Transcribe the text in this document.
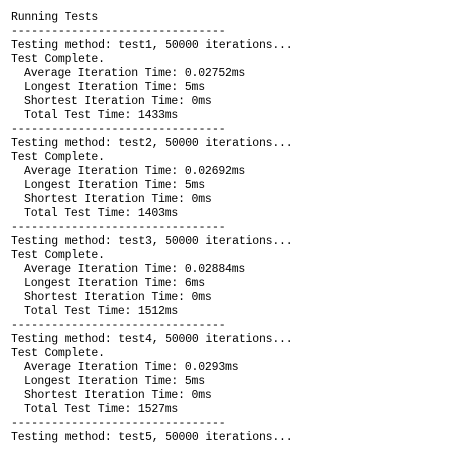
Running Tests
--------------------------------
Testing method: test1, 50000 iterations...
Test Complete.
Average Iteration Time: 0.02752ms
Longest Iteration Time: 5ms
Shortest Iteration Time: 0ms
Total Test Time: 1433ms
--------------------------------
Testing method: test2, 50000 iterations...
Test Complete.
Average Iteration Time: 0.02692ms
Longest Iteration Time: 5ms
Shortest Iteration Time: 0ms
Total Test Time: 1403ms
--------------------------------
Testing method: test3, 50000 iterations...
Test Complete.
Average Iteration Time: 0.02884ms
Longest Iteration Time: 6ms
Shortest Iteration Time: 0ms
Total Test Time: 1512ms
--------------------------------
Testing method: test4, 50000 iterations...
Test Complete.
Average Iteration Time: 0.0293ms
Longest Iteration Time: 5ms
Shortest Iteration Time: 0ms
Total Test Time: 1527ms
--------------------------------
Testing method: test5, 50000 iterations...
